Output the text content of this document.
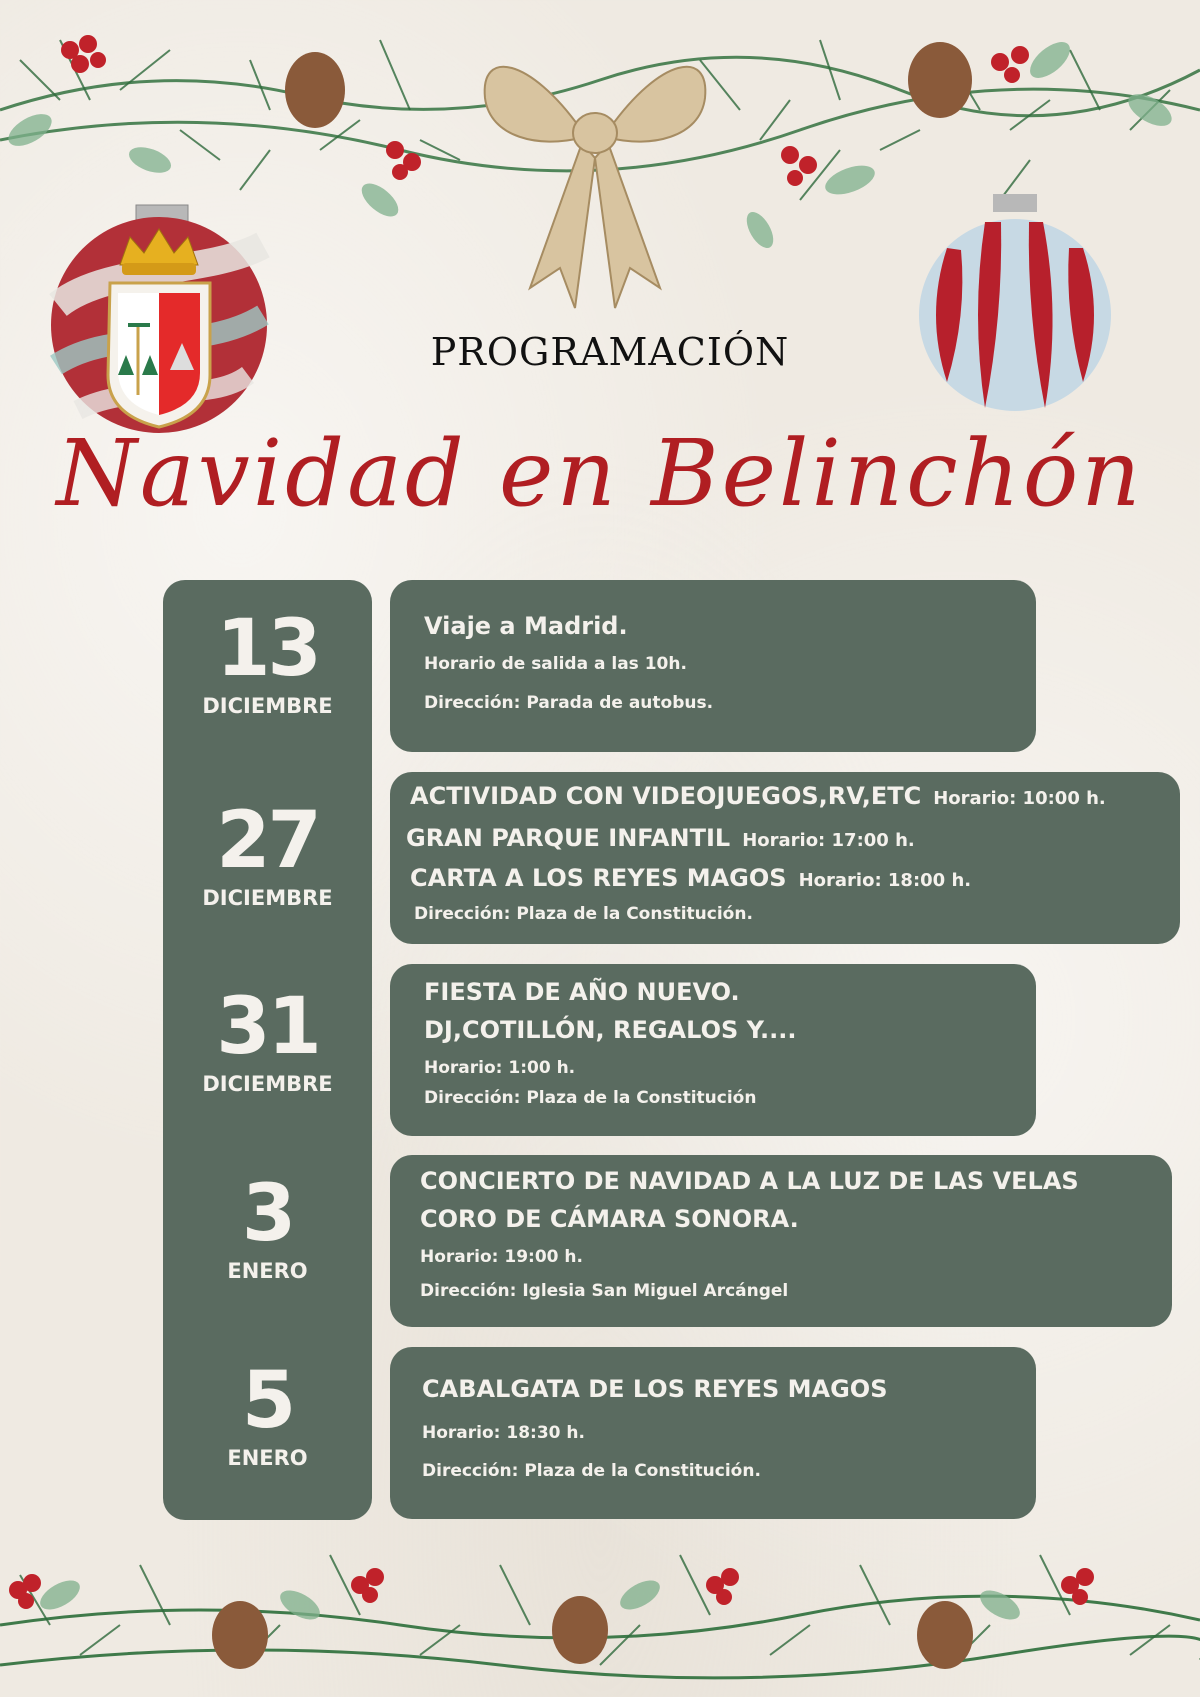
PROGRAMACIÓN
Navidad en Belinchón
13
DICIEMBRE
27
DICIEMBRE
31
DICIEMBRE
3
ENERO
5
ENERO
Viaje a Madrid.
Horario de salida a las 10h.
Dirección: Parada de autobus.
ACTIVIDAD CON VIDEOJUEGOS,RV,ETC Horario: 10:00 h.
GRAN PARQUE INFANTIL Horario: 17:00 h.
CARTA A LOS REYES MAGOS Horario: 18:00 h.
Dirección: Plaza de la Constitución.
FIESTA DE AÑO NUEVO.
DJ,COTILLÓN, REGALOS Y....
Horario: 1:00 h.
Dirección: Plaza de la Constitución
CONCIERTO DE NAVIDAD A LA LUZ DE LAS VELAS
CORO DE CÁMARA SONORA.
Horario: 19:00 h.
Dirección: Iglesia San Miguel Arcángel
CABALGATA DE LOS REYES MAGOS
Horario: 18:30 h.
Dirección: Plaza de la Constitución.
